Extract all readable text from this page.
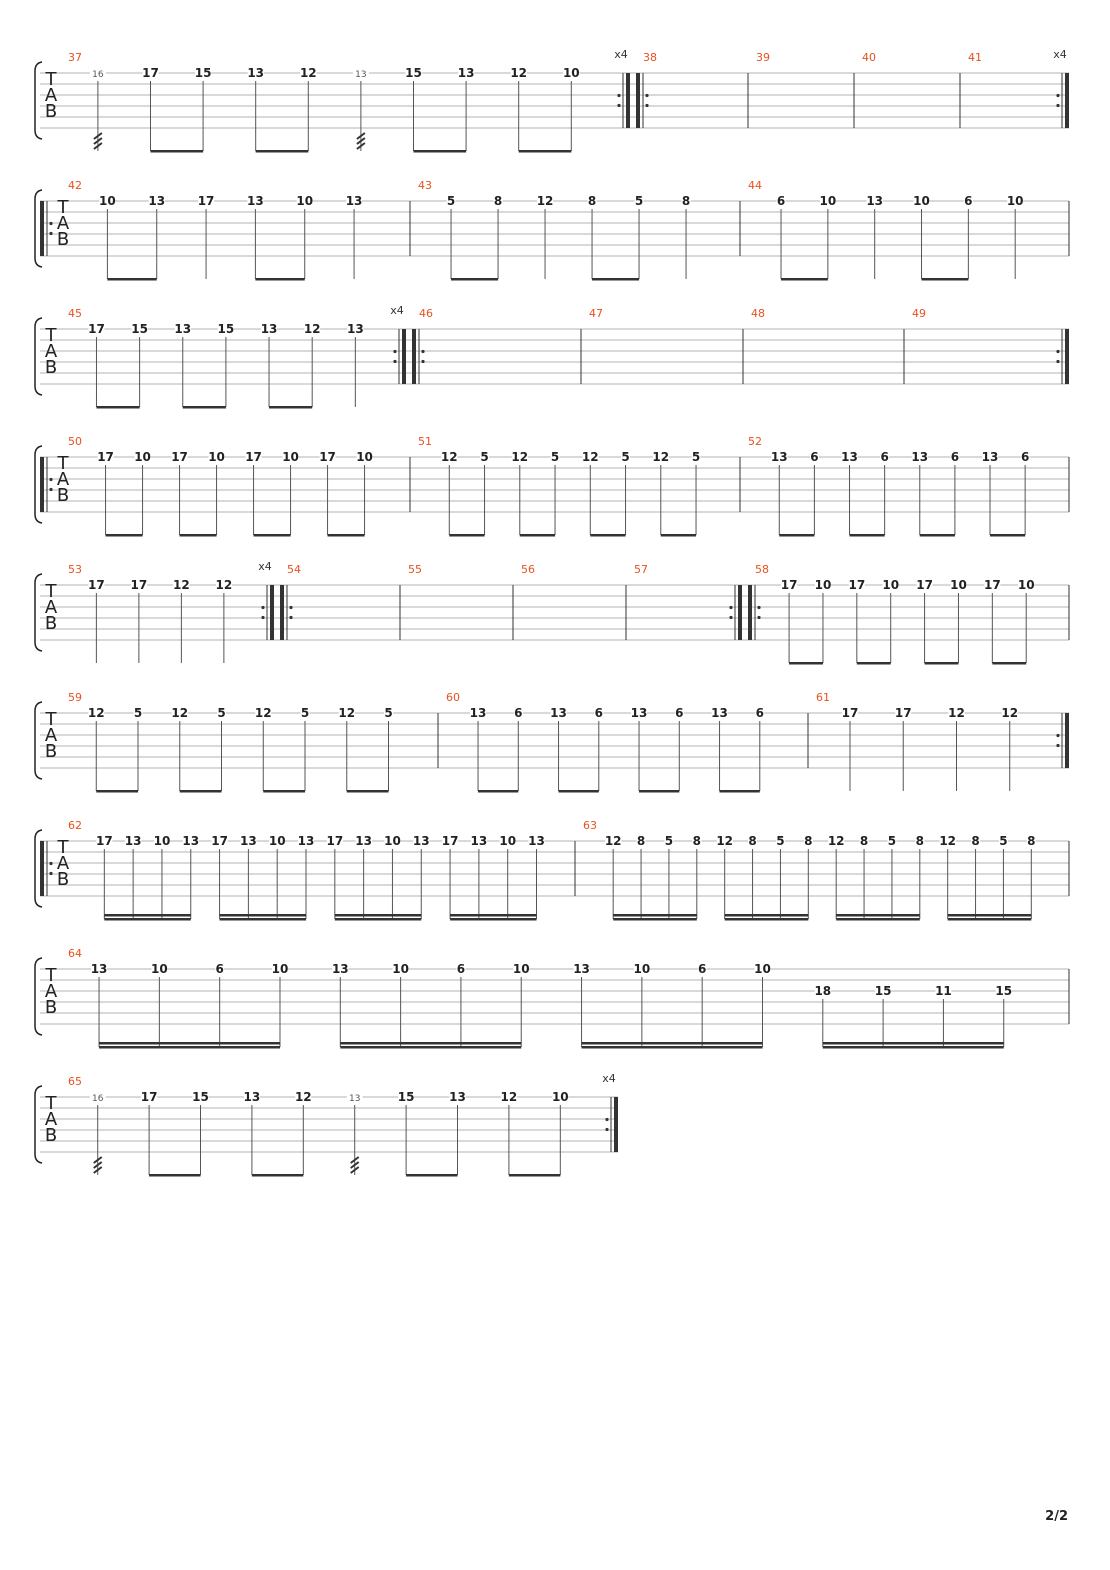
T
A
B
37	x4
16	17	15	13	12	13	15	13	12	10
38	39	40	41	x4
T
A
B
42
10	13	17	13	10	13
43
5	8	12	8	5	8
44
6	10	13	10	6	10
T
A
B
45	x4
17 15 13 15 13 12 13
46	47	48	49
T
A
B
50
17 10 17 10 17 10 17 10
51
12 5 12 5 12 5 12 5
52
13 6 13 6 13 6 13 6
T
A
B
53	x4
17 17 12 12
54	55	56	57	58
17 10 17 10 17 10 17 10
T
A
B
59
12 5 12 5 12 5 12 5
60
13 6 13 6 13 6 13 6
61
17	17	12	12
T
A
B
62
17 13 10 13 17 13 10 13 17 13 10 13 17 13 10 13
63
12 8 5 8 12 8 5 8 12 8 5 8 12 8 5 8
T
A
B
64
13	10	6	10	13	10	6	10	13	10	6	10
18	15	11	15
T
A
B
65	x4
16	17	15	13	12	13	15	13	12	10
2/2
